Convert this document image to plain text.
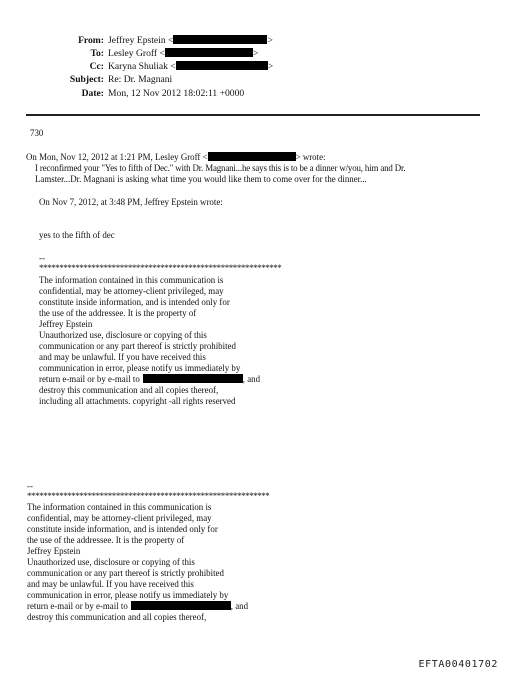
From: Jeffrey Epstein <	>
To: Lesley Groff <	>
Cc: Karyna Shuliak <	>
Subject: Re: Dr. Magnani
Date: Mon, 12 Nov 2012 18:02:11 +0000
730
On Mon, Nov 12, 2012 at 1:21 PM, Lesley Groff <	> wrote:
I reconfirmed your "Yes to fifth of Dec." with Dr. Magnani...he says this is to be a dinner w/you, him and Dr.
Lamster...Dr. Magnani is asking what time you would like them to come over for the dinner...
On Nov 7, 2012, at 3:48 PM, Jeffrey Epstein wrote:
yes to the fifth of dec
--
************************************************************
The information contained in this communication is
confidential, may be attorney-client privileged, may
constitute inside information, and is intended only for
the use of the addressee. It is the property of
Jeffrey Epstein
Unauthorized use, disclosure or copying of this
communication or any part thereof is strictly prohibited
and may be unlawful. If you have received this
communication in error, please notify us immediately by
return e-mail or by e-mail to	, and
destroy this communication and all copies thereof,
including all attachments. copyright -all rights reserved
--
************************************************************
The information contained in this communication is
confidential, may be attorney-client privileged, may
constitute inside information, and is intended only for
the use of the addressee. It is the property of
Jeffrey Epstein
Unauthorized use, disclosure or copying of this
communication or any part thereof is strictly prohibited
and may be unlawful. If you have received this
communication in error, please notify us immediately by
return e-mail or by e-mail to	, and
destroy this communication and all copies thereof,
EFTA00401702
